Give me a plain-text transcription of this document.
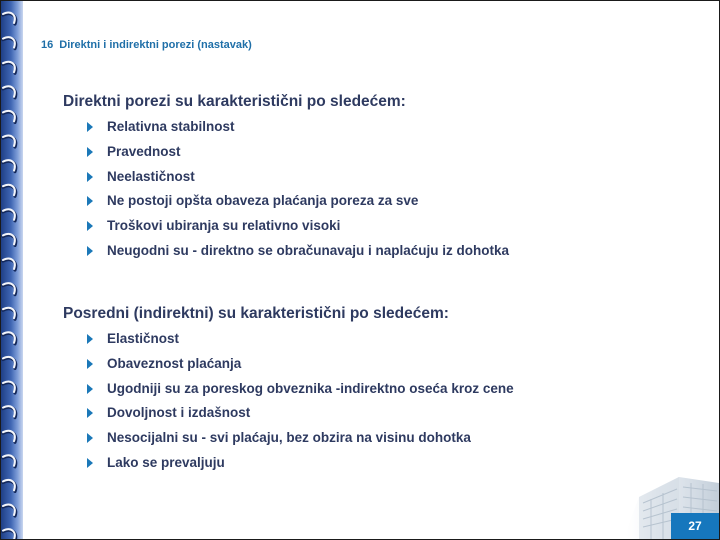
16 Direktni i indirektni porezi (nastavak)
Direktni porezi su karakteristični po sledećem:
Relativna stabilnost
Pravednost
Neelastičnost
Ne postoji opšta obaveza plaćanja poreza za sve
Troškovi ubiranja su relativno visoki
Neugodni su - direktno se obračunavaju i naplaćuju iz dohotka
Posredni (indirektni) su karakteristični po sledećem:
Elastičnost
Obaveznost plaćanja
Ugodniji su za poreskog obveznika -indirektno oseća kroz cene
Dovoljnost i izdašnost
Nesocijalni su - svi plaćaju, bez obzira na visinu dohotka
Lako se prevaljuju
27
